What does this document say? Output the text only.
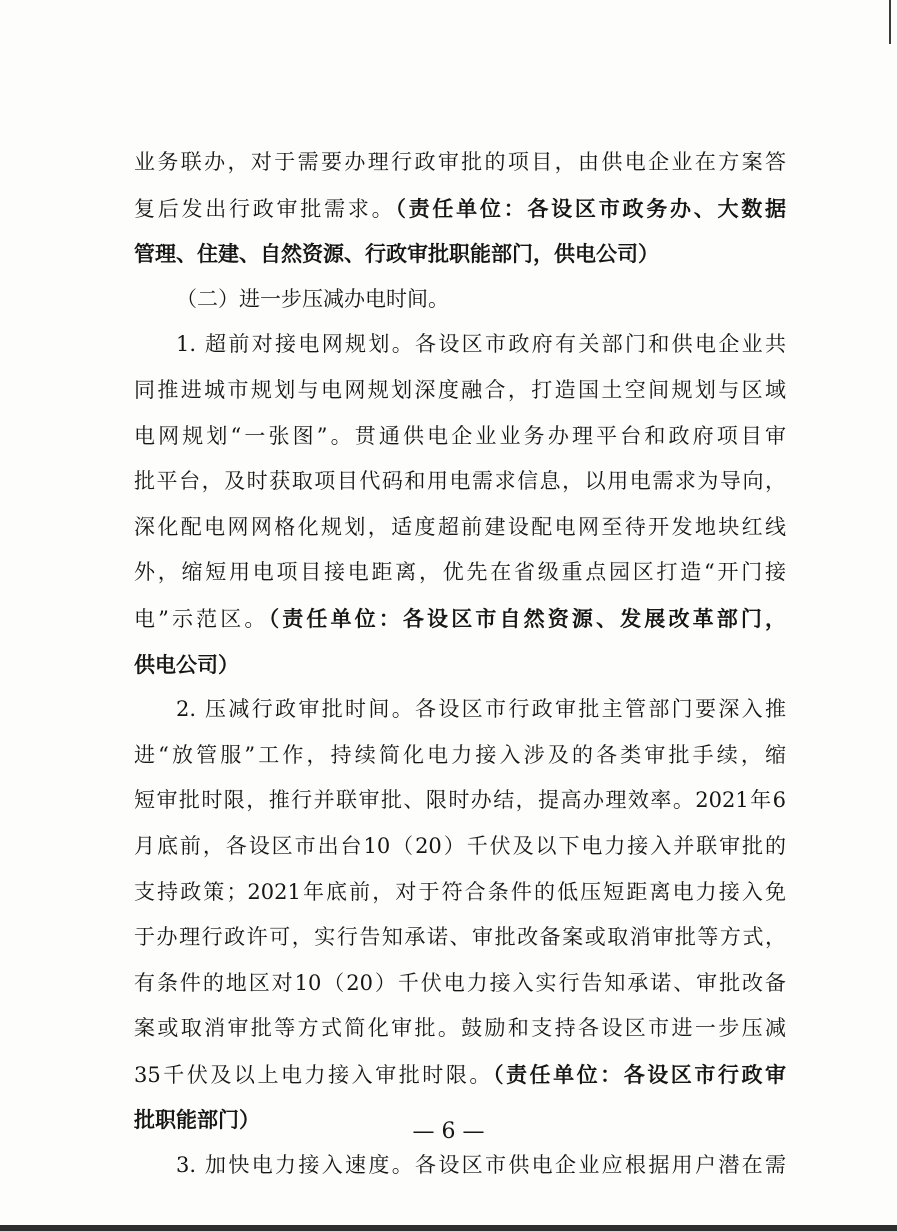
业务联办，对于需要办理行政审批的项目，由供电企业在方案答
复后发出行政审批需求。（责任单位：各设区市政务办、大数据
管理、住建、自然资源、行政审批职能部门，供电公司）
（二）进一步压减办电时间。
1. 超前对接电网规划。各设区市政府有关部门和供电企业共
同推进城市规划与电网规划深度融合，打造国土空间规划与区域
电网规划“一张图”。贯通供电企业业务办理平台和政府项目审
批平台，及时获取项目代码和用电需求信息，以用电需求为导向，
深化配电网网格化规划，适度超前建设配电网至待开发地块红线
外，缩短用电项目接电距离，优先在省级重点园区打造“开门接
电”示范区。（责任单位：各设区市自然资源、发展改革部门，
供电公司）
2. 压减行政审批时间。各设区市行政审批主管部门要深入推
进“放管服”工作，持续简化电力接入涉及的各类审批手续，缩
短审批时限，推行并联审批、限时办结，提高办理效率。2021年6
月底前，各设区市出台10（20）千伏及以下电力接入并联审批的
支持政策；2021年底前，对于符合条件的低压短距离电力接入免
于办理行政许可，实行告知承诺、审批改备案或取消审批等方式，
有条件的地区对10（20）千伏电力接入实行告知承诺、审批改备
案或取消审批等方式简化审批。鼓励和支持各设区市进一步压减
35千伏及以上电力接入审批时限。（责任单位：各设区市行政审
批职能部门）
3. 加快电力接入速度。各设区市供电企业应根据用户潜在需
— 6 —
